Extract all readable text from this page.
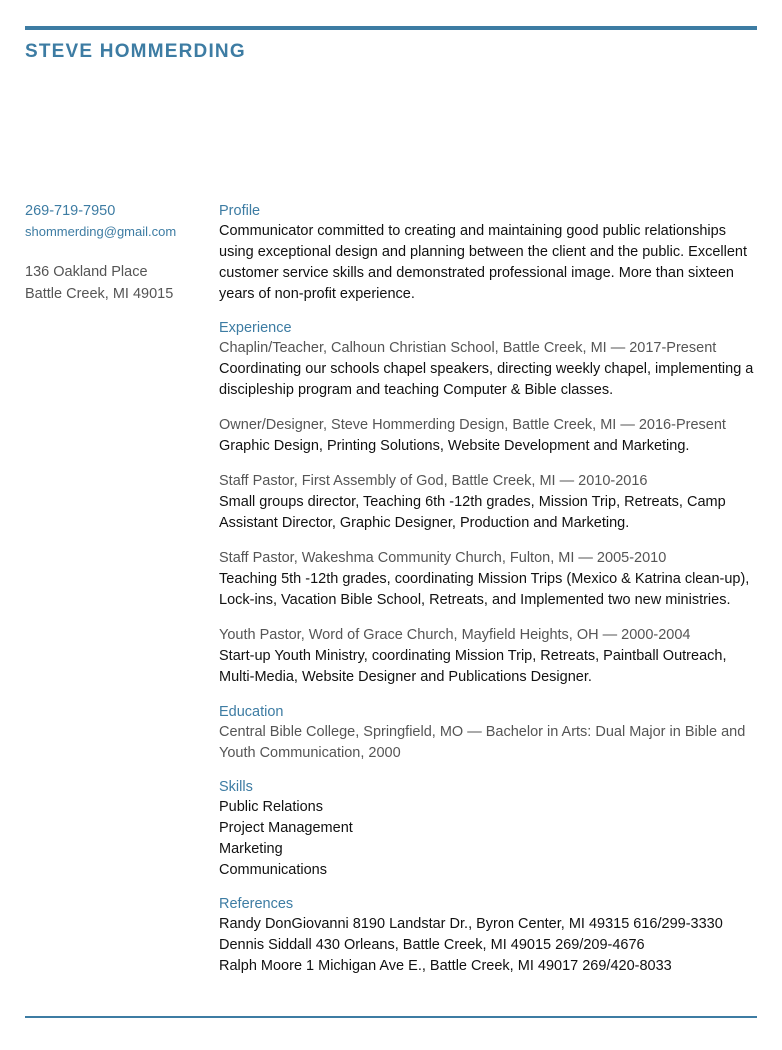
STEVE HOMMERDING
269-719-7950
shommerding@gmail.com
136 Oakland Place
Battle Creek, MI 49015
Profile
Communicator committed to creating and maintaining good public relationships using exceptional design and planning between the client and the public. Excellent customer service skills and demonstrated professional image. More than sixteen years of non-profit experience.
Experience
Chaplin/Teacher, Calhoun Christian School, Battle Creek, MI — 2017-Present
Coordinating our schools chapel speakers, directing weekly chapel, implementing a discipleship program and teaching Computer & Bible classes.
Owner/Designer, Steve Hommerding Design, Battle Creek, MI — 2016-Present
Graphic Design, Printing Solutions, Website Development and Marketing.
Staff Pastor, First Assembly of God, Battle Creek, MI — 2010-2016
Small groups director, Teaching 6th -12th grades, Mission Trip, Retreats, Camp Assistant Director, Graphic Designer, Production and Marketing.
Staff Pastor, Wakeshma Community Church, Fulton, MI — 2005-2010
Teaching 5th -12th grades, coordinating Mission Trips (Mexico & Katrina clean-up), Lock-ins, Vacation Bible School, Retreats, and Implemented two new ministries.
Youth Pastor, Word of Grace Church, Mayfield Heights, OH — 2000-2004
Start-up Youth Ministry, coordinating Mission Trip, Retreats, Paintball Outreach, Multi-Media, Website Designer and Publications Designer.
Education
Central Bible College, Springfield, MO — Bachelor in Arts: Dual Major in Bible and Youth Communication, 2000
Skills
Public Relations
Project Management
Marketing
Communications
References
Randy DonGiovanni 8190 Landstar Dr., Byron Center, MI 49315 616/299-3330
Dennis Siddall 430 Orleans, Battle Creek, MI 49015 269/209-4676
Ralph Moore 1 Michigan Ave E., Battle Creek, MI 49017 269/420-8033
